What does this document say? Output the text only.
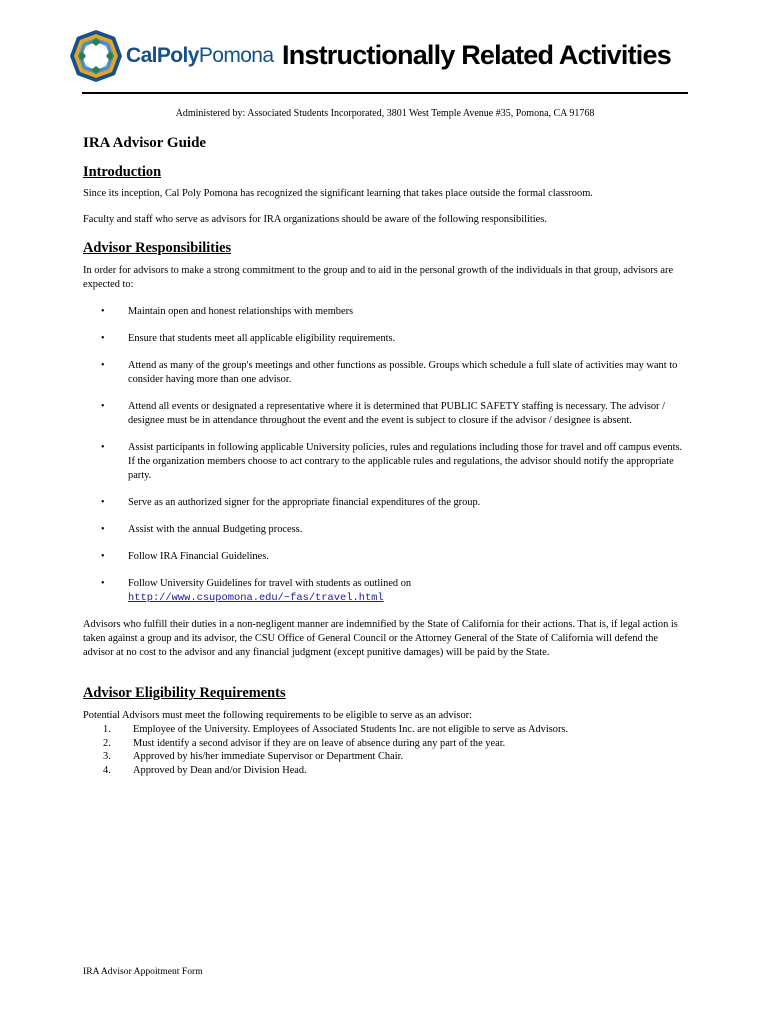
CalPolyPomona Instructionally Related Activities
Administered by: Associated Students Incorporated, 3801 West Temple Avenue #35, Pomona, CA 91768
IRA Advisor Guide
Introduction

Since its inception, Cal Poly Pomona has recognized the significant learning that takes place outside the formal classroom.

Faculty and staff who serve as advisors for IRA organizations should be aware of the following responsibilities.

Advisor Responsibilities

In order for advisors to make a strong commitment to the group and to aid in the personal growth of the individuals in that group, advisors are expected to:

• Maintain open and honest relationships with members
• Ensure that students meet all applicable eligibility requirements.
• Attend as many of the group's meetings and other functions as possible. Groups which schedule a full slate of activities may want to consider having more than one advisor.
• Attend all events or designated a representative where it is determined that PUBLIC SAFETY staffing is necessary. The advisor / designee must be in attendance throughout the event and the event is subject to closure if the advisor / designee is absent.
• Assist participants in following applicable University policies, rules and regulations including those for travel and off campus events. If the organization members choose to act contrary to the applicable rules and regulations, the advisor should notify the appropriate party.
• Serve as an authorized signer for the appropriate financial expenditures of the group.
• Assist with the annual Budgeting process.
• Follow IRA Financial Guidelines.
• Follow University Guidelines for travel with students as outlined on
http://www.csupomona.edu/~fas/travel.html

Advisors who fulfill their duties in a non-negligent manner are indemnified by the State of California for their actions. That is, if legal action is taken against a group and its advisor, the CSU Office of General Council or the Attorney General of the State of California will defend the advisor at no cost to the advisor and any financial judgment (except punitive damages) will be paid by the State.

Advisor Eligibility Requirements

Potential Advisors must meet the following requirements to be eligible to serve as an advisor:

1. Employee of the University. Employees of Associated Students Inc. are not eligible to serve as Advisors.
2. Must identify a second advisor if they are on leave of absence during any part of the year.
3. Approved by his/her immediate Supervisor or Department Chair.
4. Approved by Dean and/or Division Head.
IRA Advisor Appoitment Form
